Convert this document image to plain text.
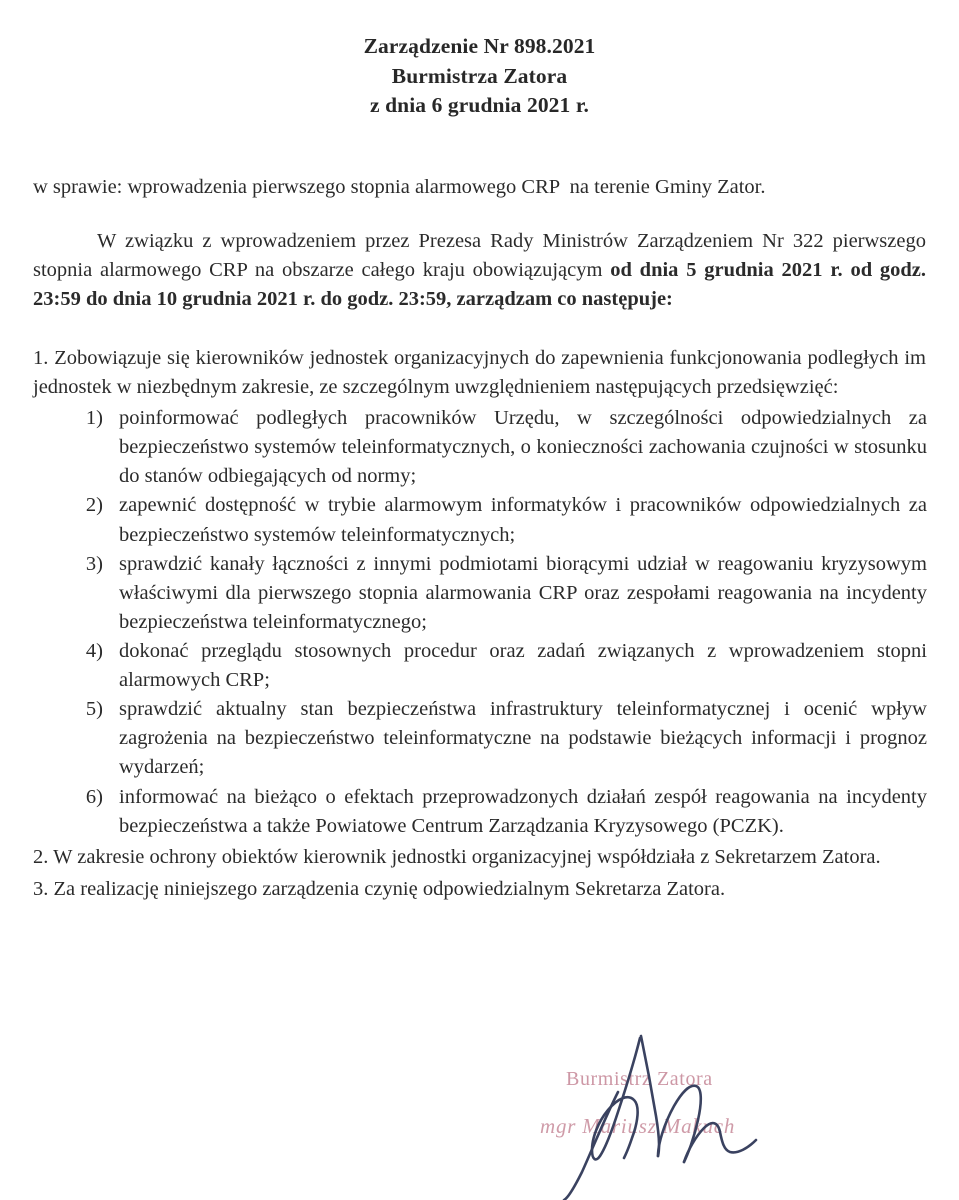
Zarządzenie Nr 898.2021
Burmistrza Zatora
z dnia 6 grudnia 2021 r.
w sprawie: wprowadzenia pierwszego stopnia alarmowego CRP  na terenie Gminy Zator.
W związku z wprowadzeniem przez Prezesa Rady Ministrów Zarządzeniem Nr 322 pierwszego stopnia alarmowego CRP na obszarze całego kraju obowiązującym od dnia 5 grudnia 2021 r. od godz. 23:59 do dnia 10 grudnia 2021 r. do godz. 23:59, zarządzam co następuje:
1. Zobowiązuje się kierowników jednostek organizacyjnych do zapewnienia funkcjonowania podległych im jednostek w niezbędnym zakresie, ze szczególnym uwzględnieniem następujących przedsięwzięć:
1) poinformować podległych pracowników Urzędu, w szczególności odpowiedzialnych za bezpieczeństwo systemów teleinformatycznych, o konieczności zachowania czujności w stosunku do stanów odbiegających od normy;
2) zapewnić dostępność w trybie alarmowym informatyków i pracowników odpowiedzialnych za bezpieczeństwo systemów teleinformatycznych;
3) sprawdzić kanały łączności z innymi podmiotami biorącymi udział w reagowaniu kryzysowym właściwymi dla pierwszego stopnia alarmowania CRP oraz zespołami reagowania na incydenty bezpieczeństwa teleinformatycznego;
4) dokonać przeglądu stosownych procedur oraz zadań związanych z wprowadzeniem stopni alarmowych CRP;
5) sprawdzić aktualny stan bezpieczeństwa infrastruktury teleinformatycznej i ocenić wpływ zagrożenia na bezpieczeństwo teleinformatyczne na podstawie bieżących informacji i prognoz wydarzeń;
6) informować na bieżąco o efektach przeprowadzonych działań zespół reagowania na incydenty bezpieczeństwa a także Powiatowe Centrum Zarządzania Kryzysowego (PCZK).
2. W zakresie ochrony obiektów kierownik jednostki organizacyjnej współdziała z Sekretarzem Zatora.
3. Za realizację niniejszego zarządzenia czynię odpowiedzialnym Sekretarza Zatora.
Burmistrz Zatora
mgr Mariusz Makuch
